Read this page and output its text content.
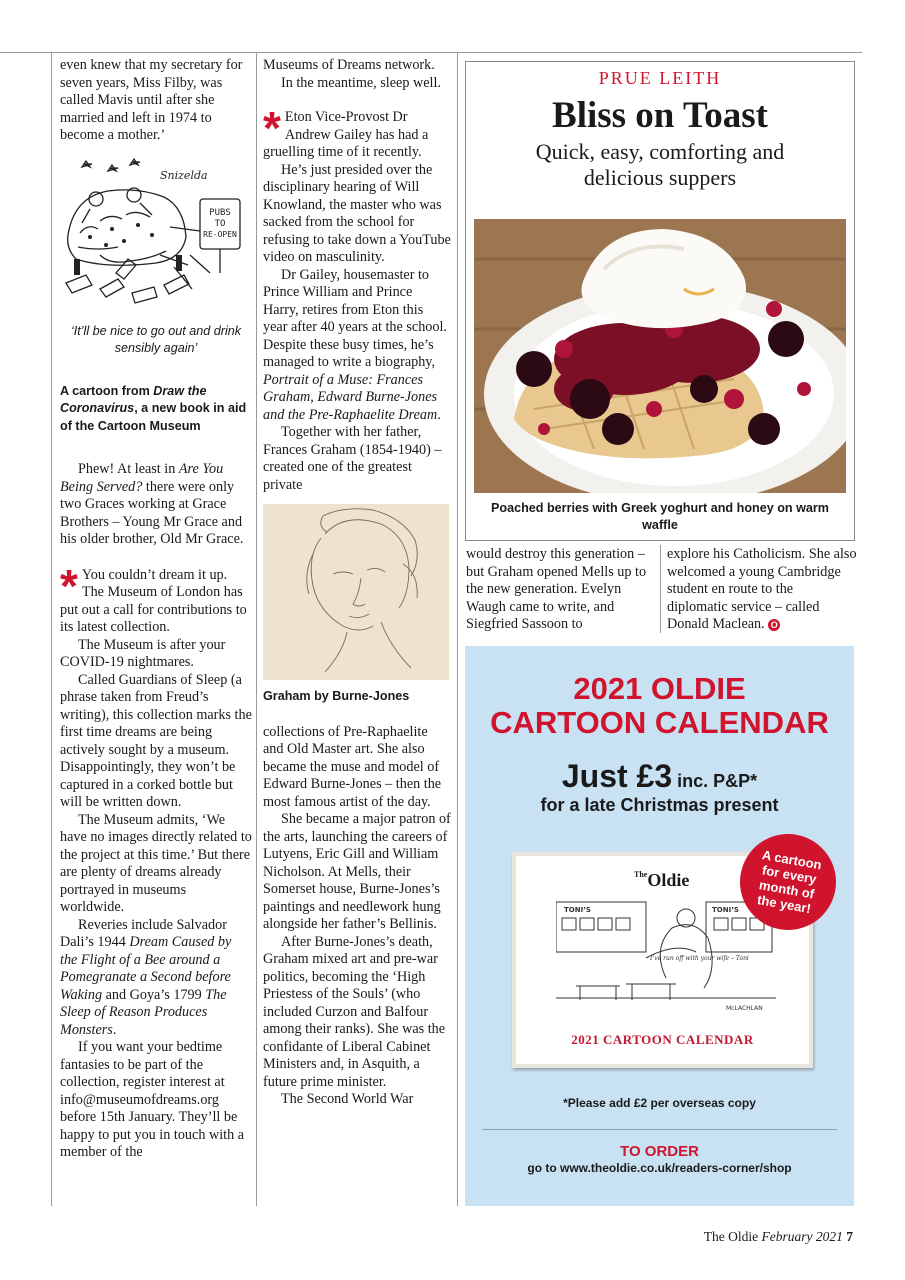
even knew that my secretary for seven years, Miss Filby, was called Mavis until after she married and left in 1974 to become a mother.’

Snizelda
PUBS
TO
RE-OPEN
‘It’ll be nice to go out and drink sensibly again’
A cartoon from Draw the Coronavirus, a new book in aid of the Cartoon Museum

Phew! At least in Are You Being Served? there were only two Graces working at Grace Brothers – Young Mr Grace and his older brother, Old Mr Grace.

* You couldn’t dream it up. The Museum of London has put out a call for contributions to its latest collection.

The Museum is after your COVID-19 nightmares.

Called Guardians of Sleep (a phrase taken from Freud’s writing), this collection marks the first time dreams are being actively sought by a museum. Disappointingly, they won’t be captured in a corked bottle but will be written down.

The Museum admits, ‘We have no images directly related to the project at this time.’ But there are plenty of dreams already portrayed in museums worldwide.

Reveries include Salvador Dali’s 1944 Dream Caused by the Flight of a Bee around a Pomegranate a Second before Waking and Goya’s 1799 The Sleep of Reason Produces Monsters.

If you want your bedtime fantasies to be part of the collection, register interest at info@museumofdreams.org before 15th January. They’ll be happy to put you in touch with a member of the

Museums of Dreams network.

In the meantime, sleep well.

* Eton Vice-Provost Dr Andrew Gailey has had a gruelling time of it recently.

He’s just presided over the disciplinary hearing of Will Knowland, the master who was sacked from the school for refusing to take down a YouTube video on masculinity.

Dr Gailey, housemaster to Prince William and Prince Harry, retires from Eton this year after 40 years at the school. Despite these busy times, he’s managed to write a biography, Portrait of a Muse: Frances Graham, Edward Burne-Jones and the Pre-Raphaelite Dream.

Together with her father, Frances Graham (1854-1940) – created one of the greatest private

Graham by Burne-Jones

collections of Pre-Raphaelite and Old Master art. She also became the muse and model of Edward Burne-Jones – then the most famous artist of the day.

She became a major patron of the arts, launching the careers of Lutyens, Eric Gill and William Nicholson. At Mells, their Somerset house, Burne-Jones’s paintings and needlework hung alongside her father’s Bellinis.

After Burne-Jones’s death, Graham mixed art and pre-war politics, becoming the ‘High Priestess of the Souls’ (who included Curzon and Balfour among their ranks). She was the confidante of Liberal Cabinet Ministers and, in Asquith, a future prime minister.

The Second World War

PRUE LEITH
Bliss on Toast
Quick, easy, comforting and delicious suppers
Poached berries with Greek yoghurt and honey on warm waffle

would destroy this generation – but Graham opened Mells up to the new generation. Evelyn Waugh came to write, and Siegfried Sassoon to

explore his Catholicism. She also welcomed a young Cambridge student en route to the diplomatic service – called Donald Maclean. O

2021 OLDIE
CARTOON CALENDAR
Just £3 inc. P&P*
for a late Christmas present
$^{The}$Oldie
TONI’S	TONI’S
I’ve run off with your wife – Toni
McLACHLAN
2021 CARTOON CALENDAR
A cartoon for every month of the year!
*Please add £2 per overseas copy
TO ORDER
go to www.theoldie.co.uk/readers-corner/shop
The Oldie February 2021 7
